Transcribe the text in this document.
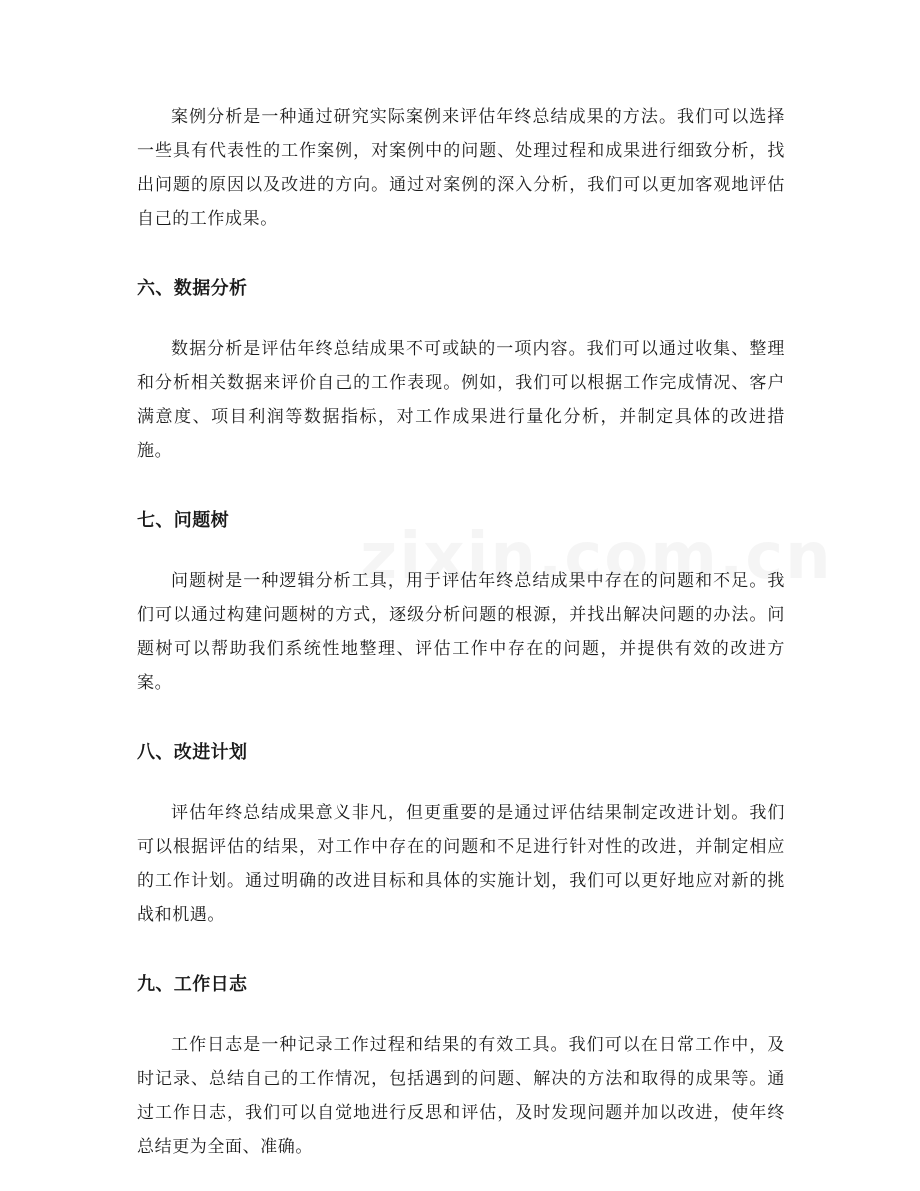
案例分析是一种通过研究实际案例来评估年终总结成果的方法。我们可以选择一些具有代表性的工作案例，对案例中的问题、处理过程和成果进行细致分析，找出问题的原因以及改进的方向。通过对案例的深入分析，我们可以更加客观地评估自己的工作成果。

六、数据分析

数据分析是评估年终总结成果不可或缺的一项内容。我们可以通过收集、整理和分析相关数据来评价自己的工作表现。例如，我们可以根据工作完成情况、客户满意度、项目利润等数据指标，对工作成果进行量化分析，并制定具体的改进措施。

七、问题树

问题树是一种逻辑分析工具，用于评估年终总结成果中存在的问题和不足。我们可以通过构建问题树的方式，逐级分析问题的根源，并找出解决问题的办法。问题树可以帮助我们系统性地整理、评估工作中存在的问题，并提供有效的改进方案。

八、改进计划

评估年终总结成果意义非凡，但更重要的是通过评估结果制定改进计划。我们可以根据评估的结果，对工作中存在的问题和不足进行针对性的改进，并制定相应的工作计划。通过明确的改进目标和具体的实施计划，我们可以更好地应对新的挑战和机遇。

九、工作日志

工作日志是一种记录工作过程和结果的有效工具。我们可以在日常工作中，及时记录、总结自己的工作情况，包括遇到的问题、解决的方法和取得的成果等。通过工作日志，我们可以自觉地进行反思和评估，及时发现问题并加以改进，使年终总结更为全面、准确。
